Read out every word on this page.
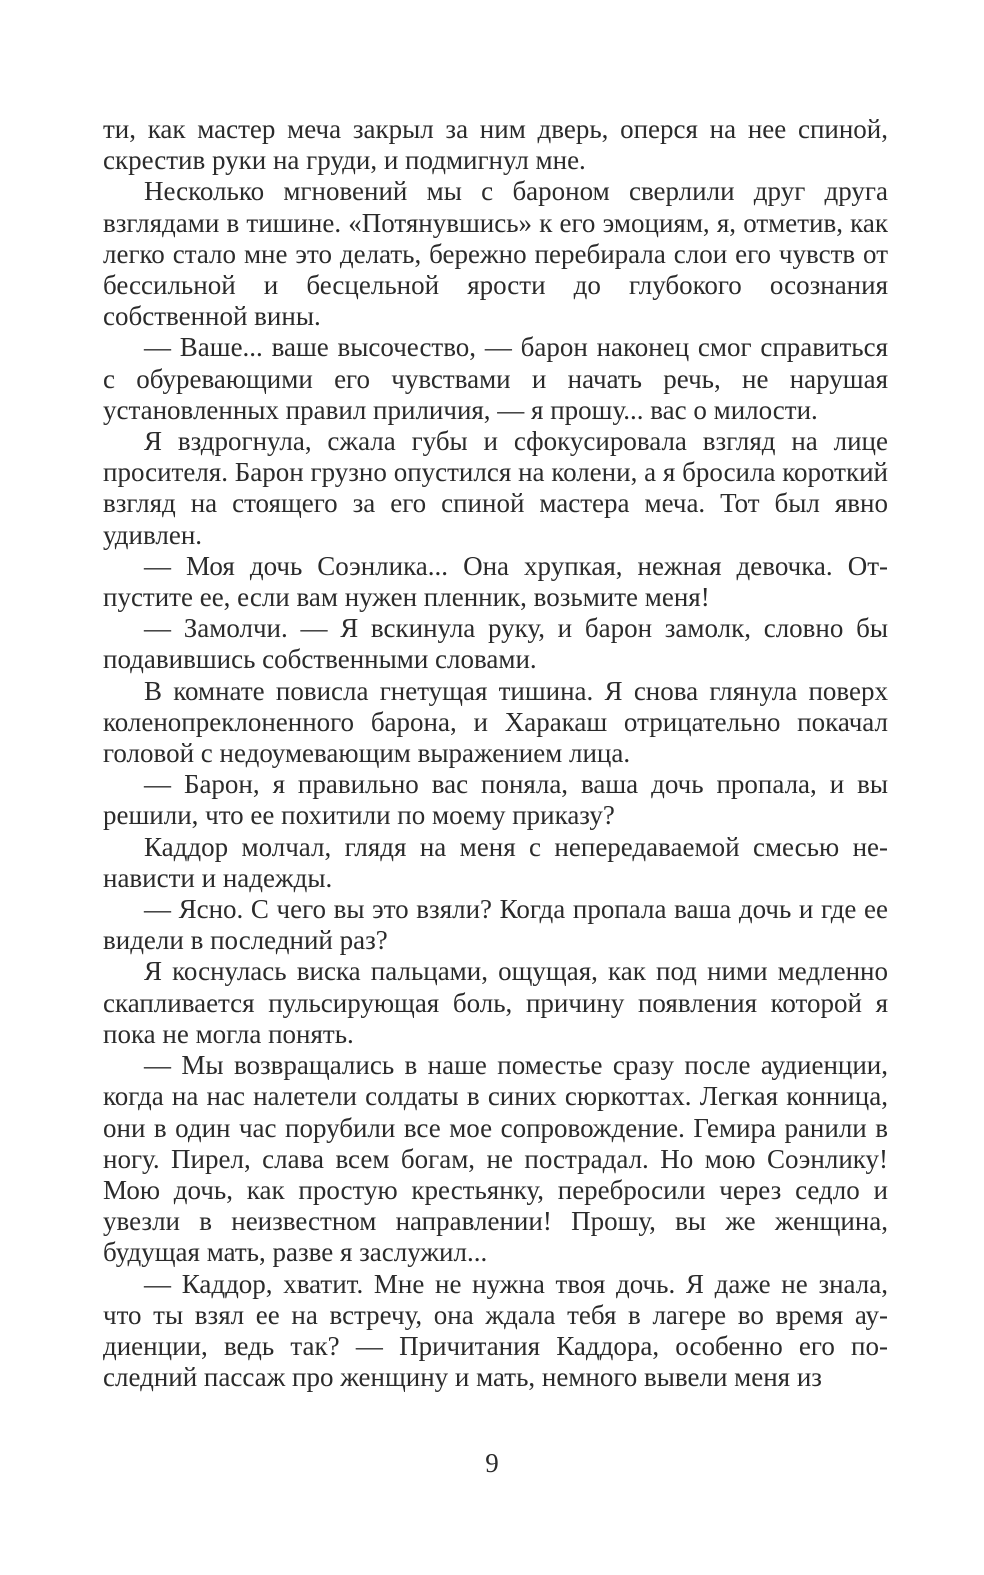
ти, как мастер меча закрыл за ним дверь, оперся на нее спиной, скрестив руки на груди, и подмигнул мне.

Несколько мгновений мы с бароном сверлили друг друга взглядами в тишине. «Потянувшись» к его эмоциям, я, отметив, как легко стало мне это делать, бережно перебирала слои его чувств от бессильной и бесцельной ярости до глубокого осознания собственной вины.

— Ваше... ваше высочество, — барон наконец смог справиться с обуревающими его чувствами и начать речь, не нарушая установленных правил приличия, — я прошу... вас о милости.

Я вздрогнула, сжала губы и сфокусировала взгляд на лице просителя. Барон грузно опустился на колени, а я бросила короткий взгляд на стоящего за его спиной мастера меча. Тот был явно удивлен.

— Моя дочь Соэнлика... Она хрупкая, нежная девочка. Отпустите ее, если вам нужен пленник, возьмите меня!

— Замолчи. — Я вскинула руку, и барон замолк, словно бы подавившись собственными словами.

В комнате повисла гнетущая тишина. Я снова глянула поверх коленопреклоненного барона, и Харакаш отрицательно покачал головой с недоумевающим выражением лица.

— Барон, я правильно вас поняла, ваша дочь пропала, и вы решили, что ее похитили по моему приказу?

Каддор молчал, глядя на меня с непередаваемой смесью ненависти и надежды.

— Ясно. С чего вы это взяли? Когда пропала ваша дочь и где ее видели в последний раз?

Я коснулась виска пальцами, ощущая, как под ними медленно скапливается пульсирующая боль, причину появления которой я пока не могла понять.

— Мы возвращались в наше поместье сразу после аудиенции, когда на нас налетели солдаты в синих сюркоттах. Легкая конница, они в один час порубили все мое сопровождение. Гемира ранили в ногу. Пирел, слава всем богам, не пострадал. Но мою Соэнлику! Мою дочь, как простую крестьянку, перебросили через седло и увезли в неизвестном направлении! Прошу, вы же женщина, будущая мать, разве я заслужил...

— Каддор, хватит. Мне не нужна твоя дочь. Я даже не знала, что ты взял ее на встречу, она ждала тебя в лагере во время аудиенции, ведь так? — Причитания Каддора, особенно его последний пассаж про женщину и мать, немного вывели меня из

9
